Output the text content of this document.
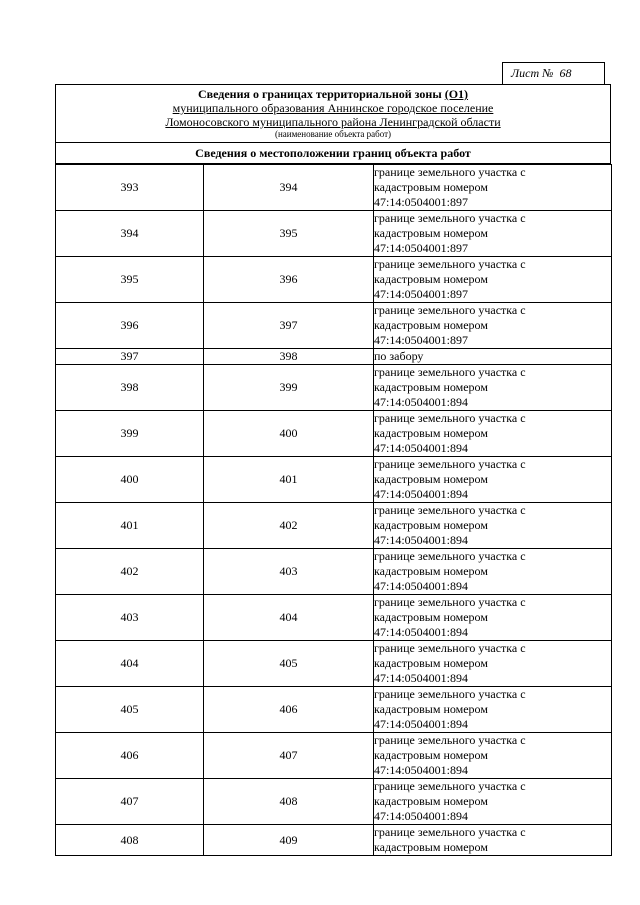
Лист № 68
Сведения о границах территориальной зоны (О1)
муниципального образования Аннинское городское поселение
Ломоносовского муниципального района Ленинградской области
(наименование объекта работ)
Сведения о местоположении границ объекта работ
393	394	границе земельного участка с
кадастровым номером
47:14:0504001:897

394	395	границе земельного участка с
кадастровым номером
47:14:0504001:897

395	396	границе земельного участка с
кадастровым номером
47:14:0504001:897

396	397	границе земельного участка с
кадастровым номером
47:14:0504001:897

397	398	по забору

398	399	границе земельного участка с
кадастровым номером
47:14:0504001:894

399	400	границе земельного участка с
кадастровым номером
47:14:0504001:894

400	401	границе земельного участка с
кадастровым номером
47:14:0504001:894

401	402	границе земельного участка с
кадастровым номером
47:14:0504001:894

402	403	границе земельного участка с
кадастровым номером
47:14:0504001:894

403	404	границе земельного участка с
кадастровым номером
47:14:0504001:894

404	405	границе земельного участка с
кадастровым номером
47:14:0504001:894

405	406	границе земельного участка с
кадастровым номером
47:14:0504001:894

406	407	границе земельного участка с
кадастровым номером
47:14:0504001:894

407	408	границе земельного участка с
кадастровым номером
47:14:0504001:894

408	409	границе земельного участка с
кадастровым номером
